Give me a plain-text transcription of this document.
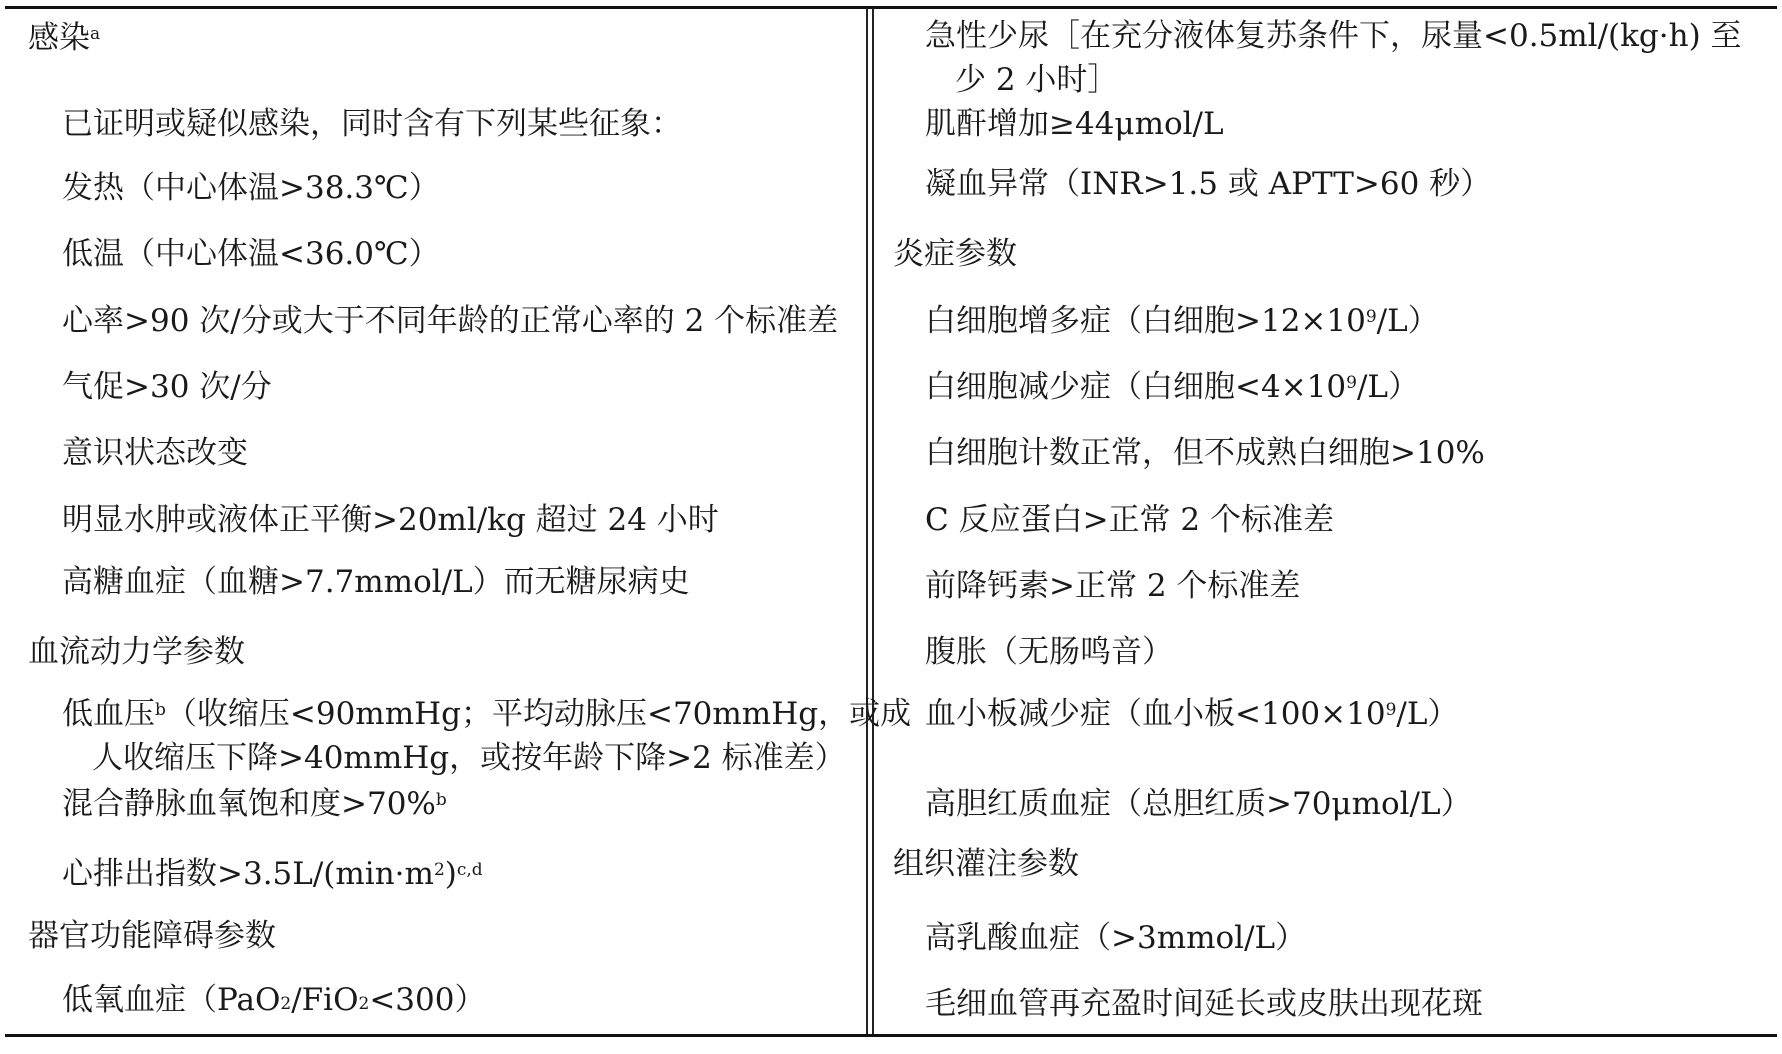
感染$^a$
已证明或疑似感染，同时含有下列某些征象：
发热（中心体温>38.3℃）
低温（中心体温<36.0℃）
心率>90 次/分或大于不同年龄的正常心率的 2 个标准差
气促>30 次/分
意识状态改变
明显水肿或液体正平衡>20ml/kg 超过 24 小时
高糖血症（血糖>7.7mmol/L）而无糖尿病史
血流动力学参数
低血压$^b$（收缩压<90mmHg；平均动脉压<70mmHg，或成
人收缩压下降>40mmHg，或按年龄下降>2 标准差）
混合静脉血氧饱和度>70%$^b$
心排出指数$>3.5L/(\min\cdot m^2)^{c,d}$
器官功能障碍参数
低氧血症（PaO$_2$/FiO$_2$<300）
急性少尿［在充分液体复苏条件下，尿量<0.5ml/(kg·h) 至
少 2 小时］
肌酐增加≥44μmol/L
凝血异常（INR>1.5 或 APTT>60 秒）
炎症参数
白细胞增多症（白细胞$>12\times 10^9/L$）
白细胞减少症（白细胞$<4\times 10^9/L$）
白细胞计数正常，但不成熟白细胞>10%
C 反应蛋白>正常 2 个标准差
前降钙素>正常 2 个标准差
腹胀（无肠鸣音）
血小板减少症（血小板$<100\times 10^9/L$）
高胆红质血症（总胆红质>70μmol/L）
组织灌注参数
高乳酸血症（>3mmol/L）
毛细血管再充盈时间延长或皮肤出现花斑
